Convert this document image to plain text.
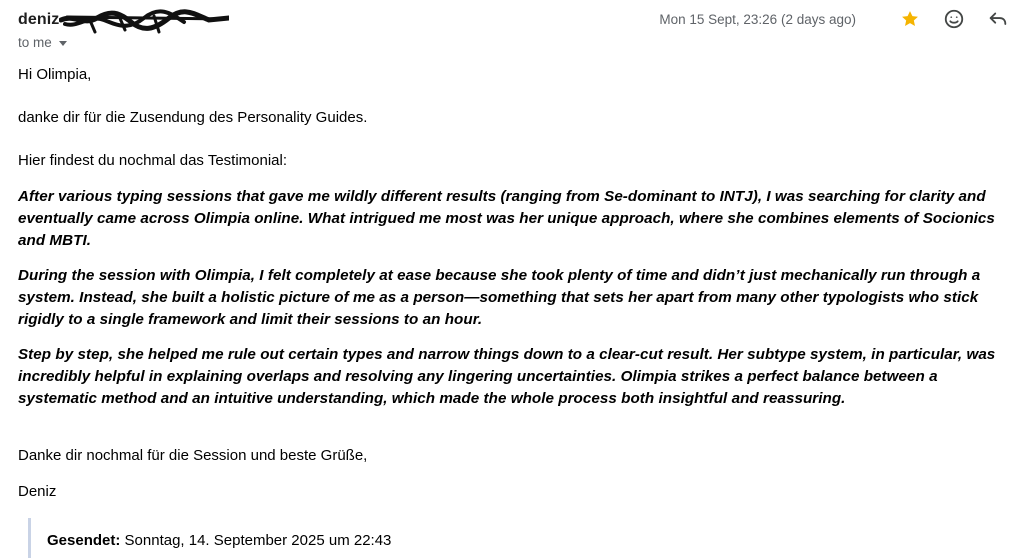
deniz
to me
Mon 15 Sept, 23:26 (2 days ago)

Hi Olimpia,

danke dir für die Zusendung des Personality Guides.

Hier findest du nochmal das Testimonial:

After various typing sessions that gave me wildly different results (ranging from Se-dominant to INTJ), I was searching for clarity and eventually came across Olimpia online. What intrigued me most was her unique approach, where she combines elements of Socionics and MBTI.

During the session with Olimpia, I felt completely at ease because she took plenty of time and didn’t just mechanically run through a system. Instead, she built a holistic picture of me as a person—something that sets her apart from many other typologists who stick rigidly to a single framework and limit their sessions to an hour.

Step by step, she helped me rule out certain types and narrow things down to a clear-cut result. Her subtype system, in particular, was incredibly helpful in explaining overlaps and resolving any lingering uncertainties. Olimpia strikes a perfect balance between a systematic method and an intuitive understanding, which made the whole process both insightful and reassuring.

Danke dir nochmal für die Session und beste Grüße,

Deniz

Gesendet: Sonntag, 14. September 2025 um 22:43
